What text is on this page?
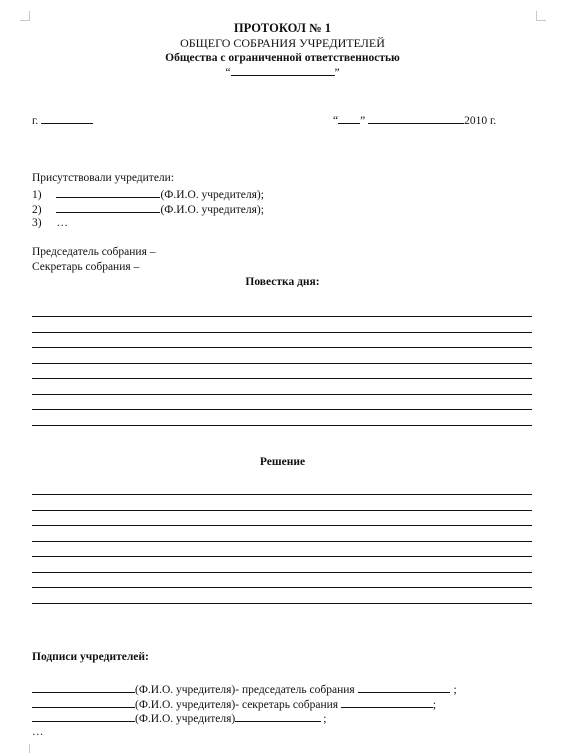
ПРОТОКОЛ № 1
ОБЩЕГО СОБРАНИЯ УЧРЕДИТЕЛЕЙ
Общества с ограниченной ответственностью
“	”
г.	“ ”	2010 г.
Присутствовали учредители:
1)	(Ф.И.О. учредителя);
2)	(Ф.И.О. учредителя);
3) …
Председатель собрания –
Секретарь собрания –
Повестка дня:
Решение
Подписи учредителей:
(Ф.И.О. учредителя)- председатель собрания	;
(Ф.И.О. учредителя)- секретарь собрания	;
(Ф.И.О. учредителя)	;
…
